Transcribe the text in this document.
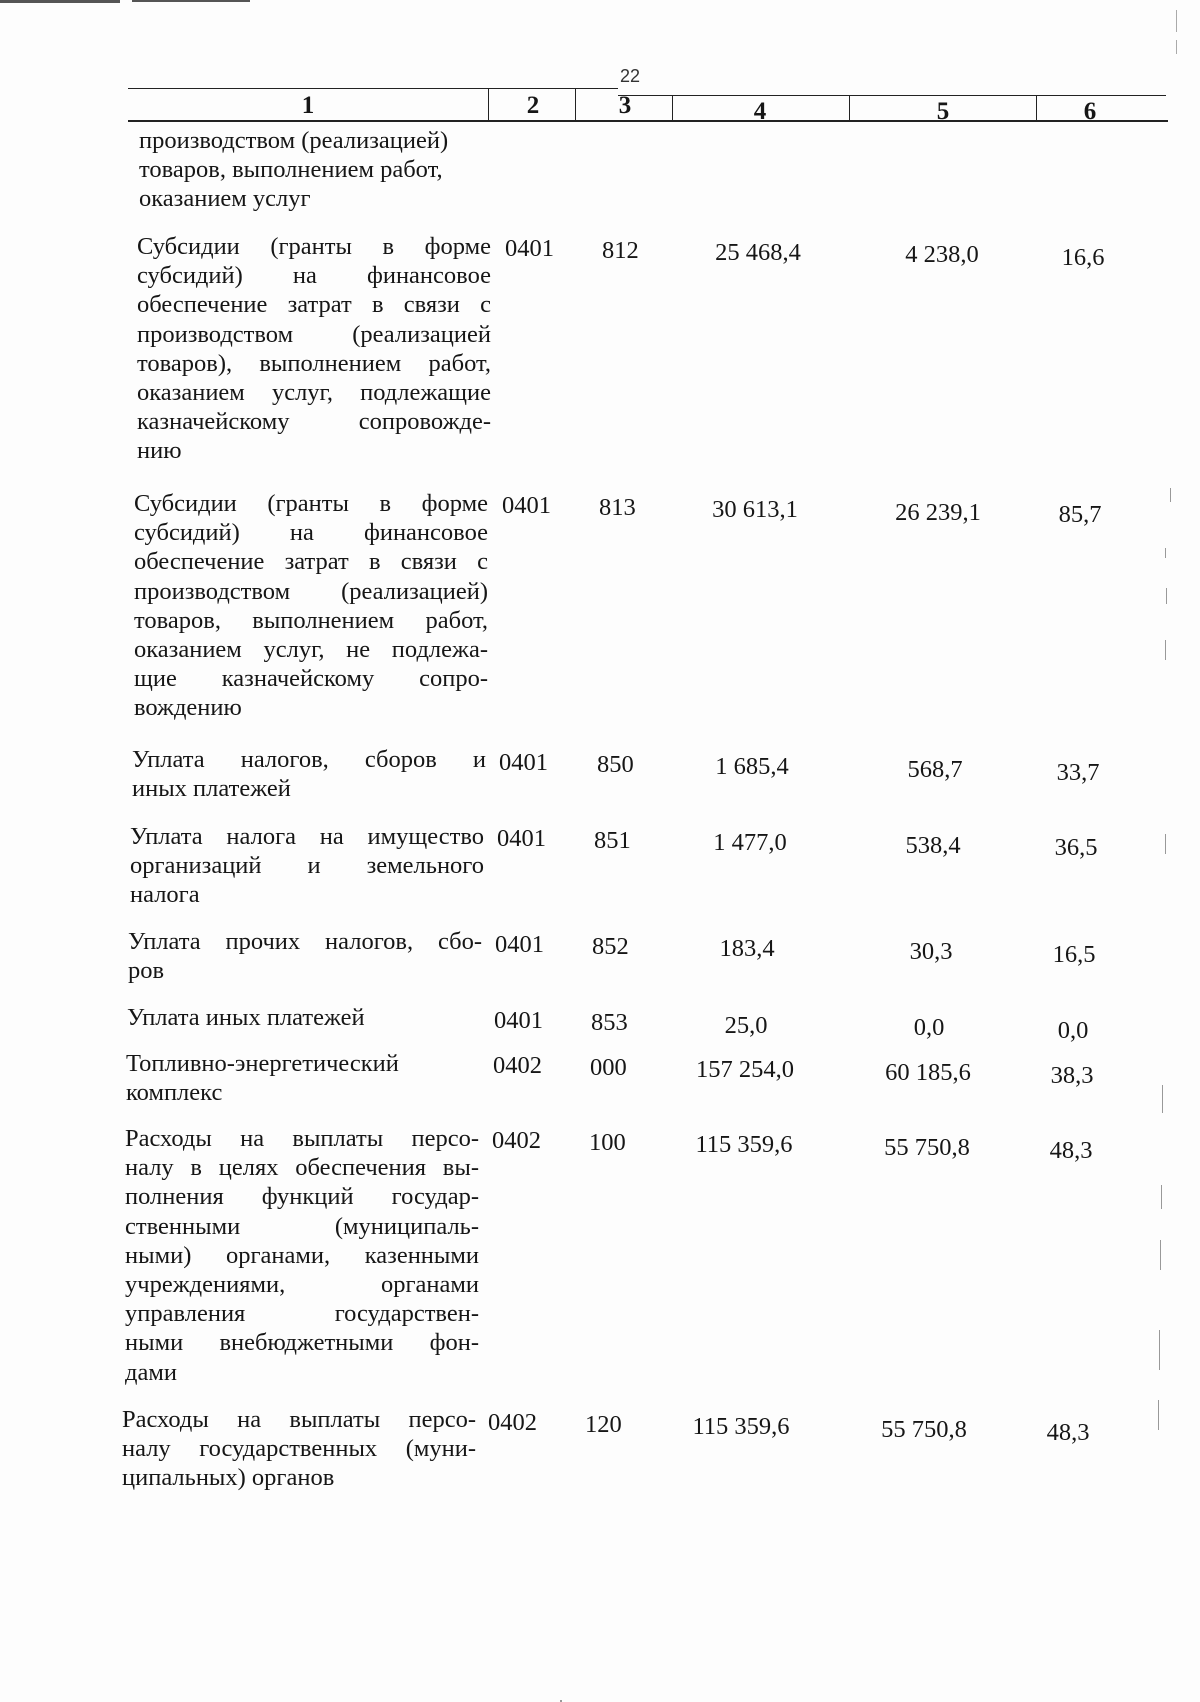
22
1	2	3	4	5	6
производством (реализацией)
товаров, выполнением работ,
оказанием услуг
Субсидии (гранты в форме
субсидий) на финансовое
обеспечение затрат в связи с
производством (реализацией
товаров), выполнением работ,
оказанием услуг, подлежащие
казначейскому сопровожде-
нию
0401	812	25 468,4	4 238,0	16,6
Субсидии (гранты в форме
субсидий) на финансовое
обеспечение затрат в связи с
производством (реализацией)
товаров, выполнением работ,
оказанием услуг, не подлежа-
щие казначейскому сопро-
вождению
0401	813	30 613,1	26 239,1	85,7
Уплата налогов, сборов и
иных платежей
0401	850	1 685,4	568,7	33,7
Уплата налога на имущество
организаций и земельного
налога
0401	851	1 477,0	538,4	36,5
Уплата прочих налогов, сбо-
ров
0401	852	183,4	30,3	16,5
Уплата иных платежей	0401	853	25,0	0,0	0,0
Топливно-энергетический
комплекс
0402	000	157 254,0	60 185,6	38,3
Расходы на выплаты персо-
налу в целях обеспечения вы-
полнения функций государ-
ственными (муниципаль-
ными) органами, казенными
учреждениями, органами
управления государствен-
ными внебюджетными фон-
дами
0402	100	115 359,6	55 750,8	48,3
Расходы на выплаты персо-
налу государственных (муни-
ципальных) органов
0402	120	115 359,6	55 750,8	48,3
